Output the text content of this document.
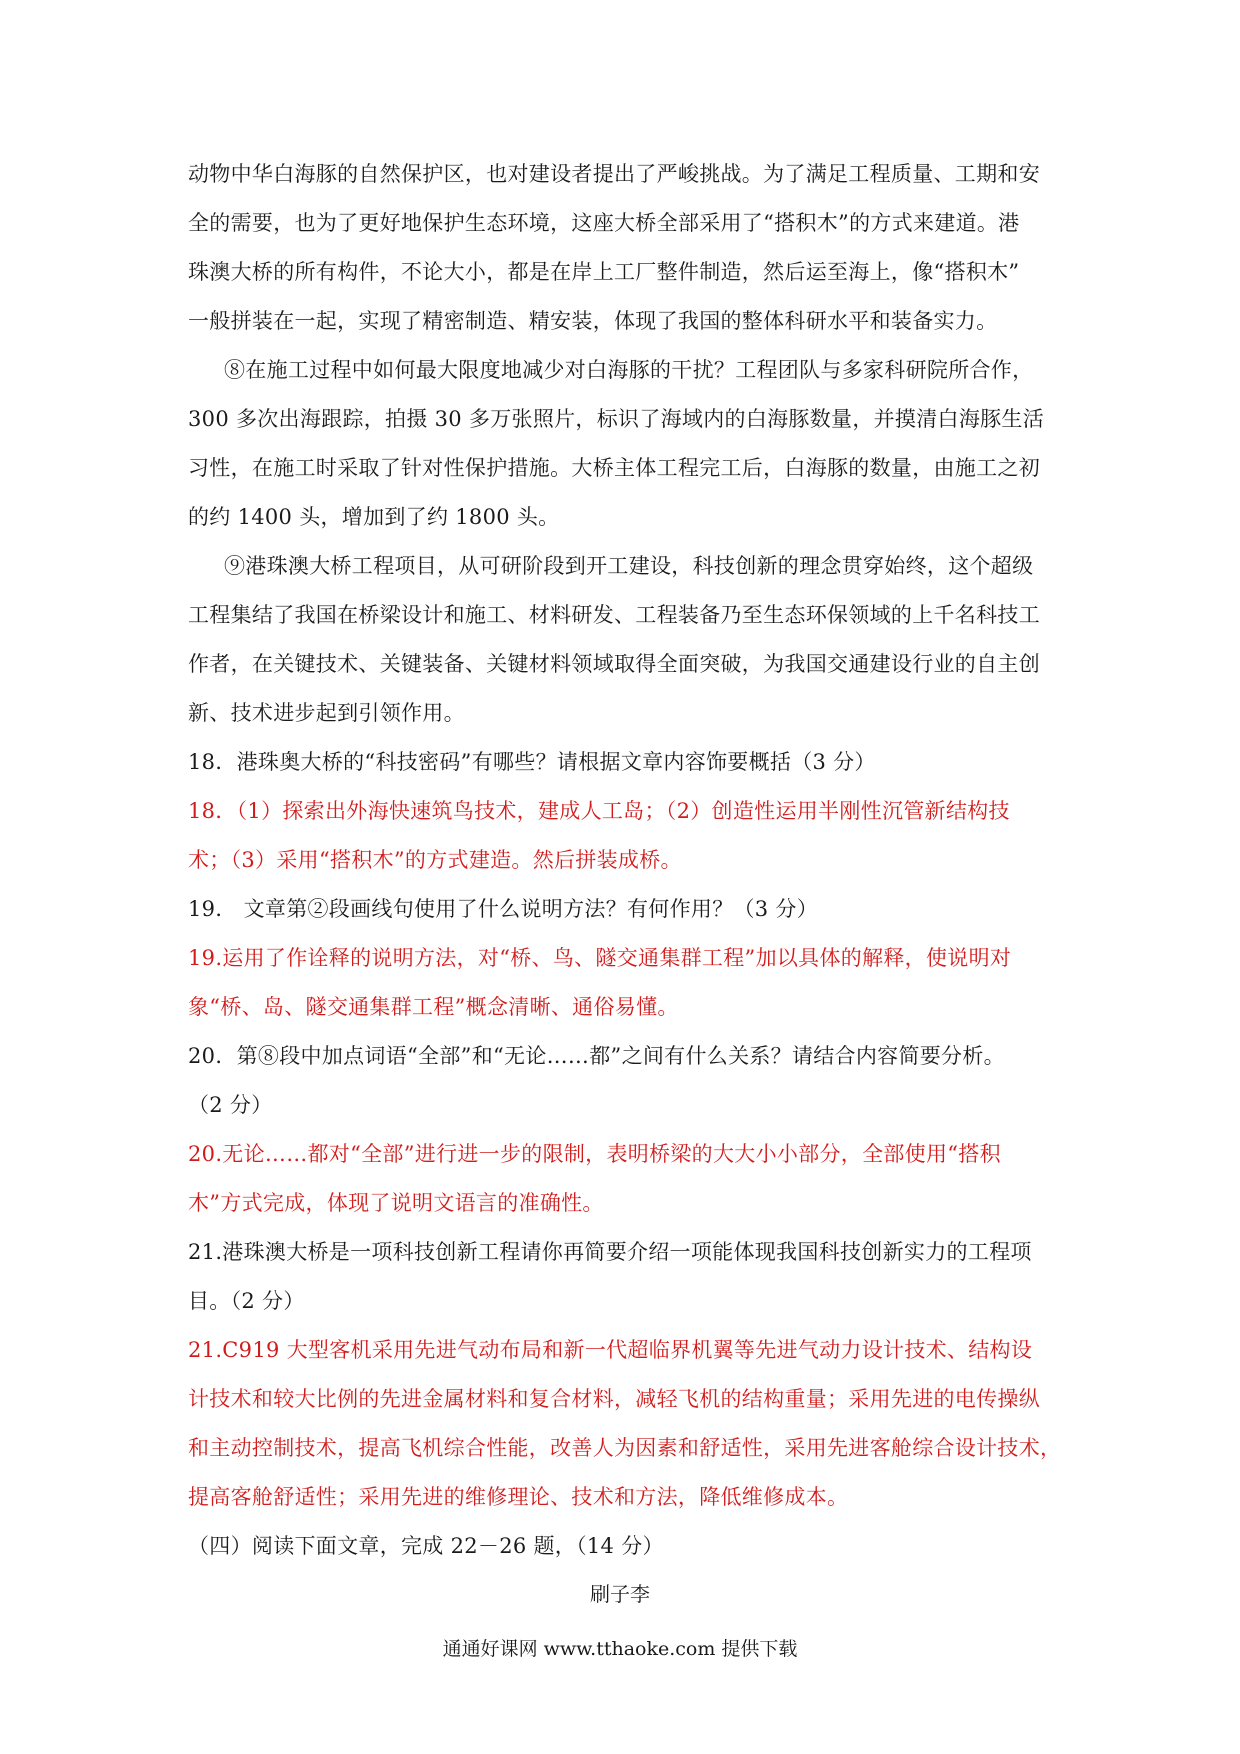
动物中华白海豚的自然保护区，也对建设者提出了严峻挑战。为了满足工程质量、工期和安
全的需要，也为了更好地保护生态环境，这座大桥全部采用了“搭积木”的方式来建道。港
珠澳大桥的所有构件，不论大小，都是在岸上工厂整件制造，然后运至海上，像“搭积木”
一般拼装在一起，实现了精密制造、精安装，体现了我国的整体科研水平和装备实力。
⑧在施工过程中如何最大限度地减少对白海豚的干扰？工程团队与多家科研院所合作，
300 多次出海跟踪，拍摄 30 多万张照片，标识了海域内的白海豚数量，并摸清白海豚生活
习性，在施工时采取了针对性保护措施。大桥主体工程完工后，白海豚的数量，由施工之初
的约 1400 头，增加到了约 1800 头。
⑨港珠澳大桥工程项目，从可研阶段到开工建设，科技创新的理念贯穿始终，这个超级
工程集结了我国在桥梁设计和施工、材料研发、工程装备乃至生态环保领域的上千名科技工
作者，在关键技术、关键装备、关键材料领域取得全面突破，为我国交通建设行业的自主创
新、技术进步起到引领作用。
18．港珠奥大桥的“科技密码”有哪些？请根据文章内容饰要概括（3 分）
18．（1）探索出外海快速筑鸟技术，建成人工岛；（2）创造性运用半刚性沉管新结构技
术；（3）采用“搭积木”的方式建造。然后拼装成桥。
19． 文章第②段画线句使用了什么说明方法？有何作用？（3 分）
19.运用了作诠释的说明方法，对“桥、鸟、隧交通集群工程”加以具体的解释，使说明对
象“桥、岛、隧交通集群工程”概念清晰、通俗易懂。
20．第⑧段中加点词语“全部”和“无论……都”之间有什么关系？请结合内容简要分析。
（2 分）
20.无论……都对“全部”进行进一步的限制，表明桥梁的大大小小部分，全部使用“搭积
木”方式完成，体现了说明文语言的准确性。
21.港珠澳大桥是一项科技创新工程请你再简要介绍一项能体现我国科技创新实力的工程项
目。（2 分）
21.C919 大型客机采用先进气动布局和新一代超临界机翼等先进气动力设计技术、结构设
计技术和较大比例的先进金属材料和复合材料，减轻飞机的结构重量；采用先进的电传操纵
和主动控制技术，提高飞机综合性能，改善人为因素和舒适性，采用先进客舱综合设计技术，
提高客舱舒适性；采用先进的维修理论、技术和方法，降低维修成本。
（四）阅读下面文章，完成 22－26 题，（14 分）
刷子李
通通好课网 www.tthaoke.com 提供下载
